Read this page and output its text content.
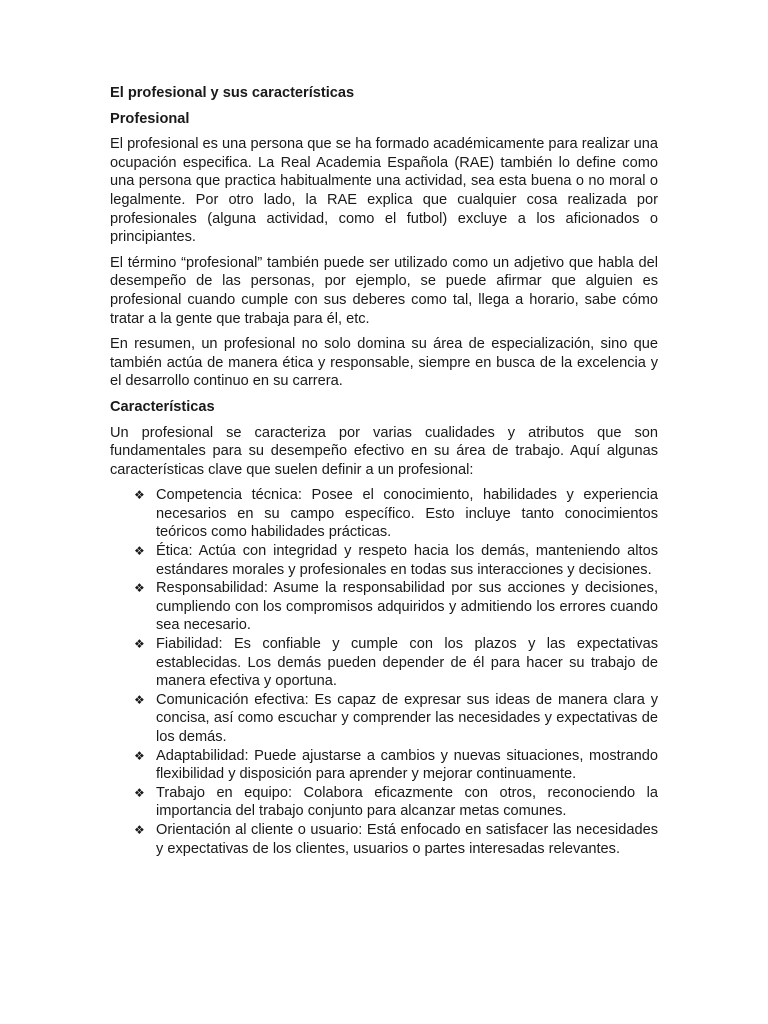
El profesional y sus características
Profesional

El profesional es una persona que se ha formado académicamente para realizar una ocupación especifica. La Real Academia Española (RAE) también lo define como una persona que practica habitualmente una actividad, sea esta buena o no moral o legalmente. Por otro lado, la RAE explica que cualquier cosa realizada por profesionales (alguna actividad, como el futbol) excluye a los aficionados o principiantes.

El término “profesional” también puede ser utilizado como un adjetivo que habla del desempeño de las personas, por ejemplo, se puede afirmar que alguien es profesional cuando cumple con sus deberes como tal, llega a horario, sabe cómo tratar a la gente que trabaja para él, etc.

En resumen, un profesional no solo domina su área de especialización, sino que también actúa de manera ética y responsable, siempre en busca de la excelencia y el desarrollo continuo en su carrera.

Características

Un profesional se caracteriza por varias cualidades y atributos que son fundamentales para su desempeño efectivo en su área de trabajo. Aquí algunas características clave que suelen definir a un profesional:

❖ Competencia técnica: Posee el conocimiento, habilidades y experiencia necesarios en su campo específico. Esto incluye tanto conocimientos teóricos como habilidades prácticas.
❖ Ética: Actúa con integridad y respeto hacia los demás, manteniendo altos estándares morales y profesionales en todas sus interacciones y decisiones.
❖ Responsabilidad: Asume la responsabilidad por sus acciones y decisiones, cumpliendo con los compromisos adquiridos y admitiendo los errores cuando sea necesario.
❖ Fiabilidad: Es confiable y cumple con los plazos y las expectativas establecidas. Los demás pueden depender de él para hacer su trabajo de manera efectiva y oportuna.
❖ Comunicación efectiva: Es capaz de expresar sus ideas de manera clara y concisa, así como escuchar y comprender las necesidades y expectativas de los demás.
❖ Adaptabilidad: Puede ajustarse a cambios y nuevas situaciones, mostrando flexibilidad y disposición para aprender y mejorar continuamente.
❖ Trabajo en equipo: Colabora eficazmente con otros, reconociendo la importancia del trabajo conjunto para alcanzar metas comunes.
❖ Orientación al cliente o usuario: Está enfocado en satisfacer las necesidades y expectativas de los clientes, usuarios o partes interesadas relevantes.
